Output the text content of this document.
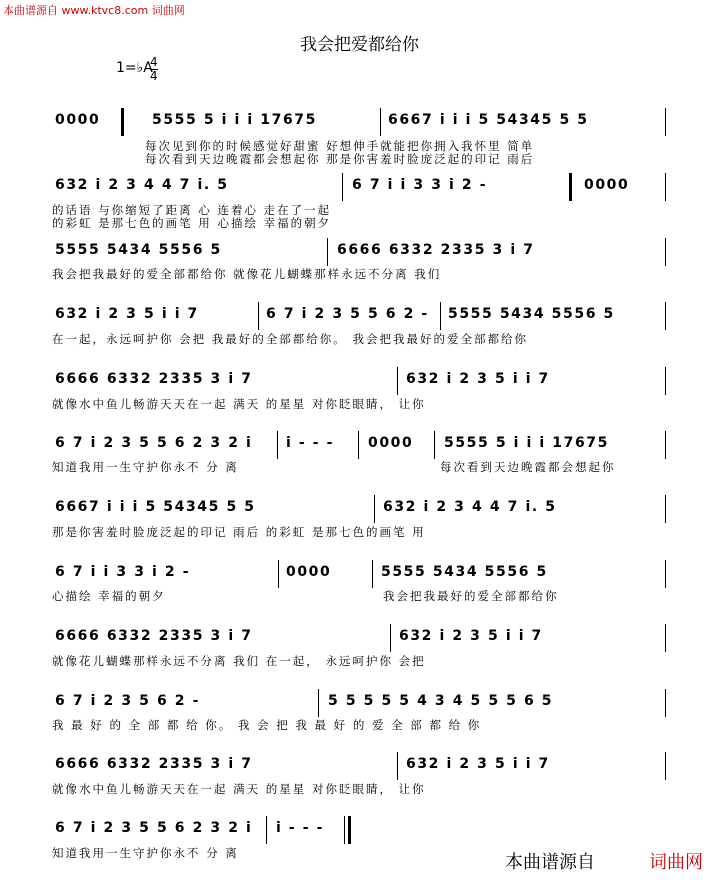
本曲谱源自 www.ktvc8.com 词曲网
我会把爱都给你
1=♭A
4
4
0000	5555 5 i i i 17675	6667 i i i 5 54345 5 5
每次见到你的时候感觉好甜蜜 好想伸手就能把你拥入我怀里 简单
每次看到天边晚霞都会想起你 那是你害羞时脸庞泛起的印记 雨后
632 i 2 3 4 4 7 i. 5	6 7 i i 3 3 i 2 -	0000
的话语 与你缩短了距离 心 连着心 走在了一起
的彩虹 是那七色的画笔 用 心描绘 幸福的朝夕
5555 5434 5556 5	6666 6332 2335 3 i 7
我会把我最好的爱全部都给你 就像花儿蝴蝶那样永远不分离 我们
632 i 2 3 5 i i 7	6 7 i 2 3 5 5 6 2 - 5555 5434 5556 5
在一起，永远呵护你 会把 我最好的全部都给你。 我会把我最好的爱全部都给你
6666 6332 2335 3 i 7	632 i 2 3 5 i i 7
就像水中鱼儿畅游天天在一起 满天 的星星 对你眨眼睛， 让你
6 7 i 2 3 5 5 6 2 3 2 i i - - - 0000 5555 5 i i i 17675
知道我用一生守护你永不 分 离	每次看到天边晚霞都会想起你
6667 i i i 5 54345 5 5	632 i 2 3 4 4 7 i. 5
那是你害羞时脸庞泛起的印记 雨后 的彩虹 是那七色的画笔 用
6 7 i i 3 3 i 2 -	0000	5555 5434 5556 5
心描绘 幸福的朝夕	我会把我最好的爱全部都给你
6666 6332 2335 3 i 7	632 i 2 3 5 i i 7
就像花儿蝴蝶那样永远不分离 我们 在一起， 永远呵护你 会把
6 7 i 2 3 5 6 2 -	5 5 5 5 5 4 3 4 5 5 5 6 5
我 最 好 的 全 部 都 给 你。 我 会 把 我 最 好 的 爱 全 部 都 给 你
6666 6332 2335 3 i 7	632 i 2 3 5 i i 7
就像水中鱼儿畅游天天在一起 满天 的星星 对你眨眼睛， 让你
6 7 i 2 3 5 5 6 2 3 2 i i - - -
知道我用一生守护你永不 分 离	本曲谱源自	词曲网
